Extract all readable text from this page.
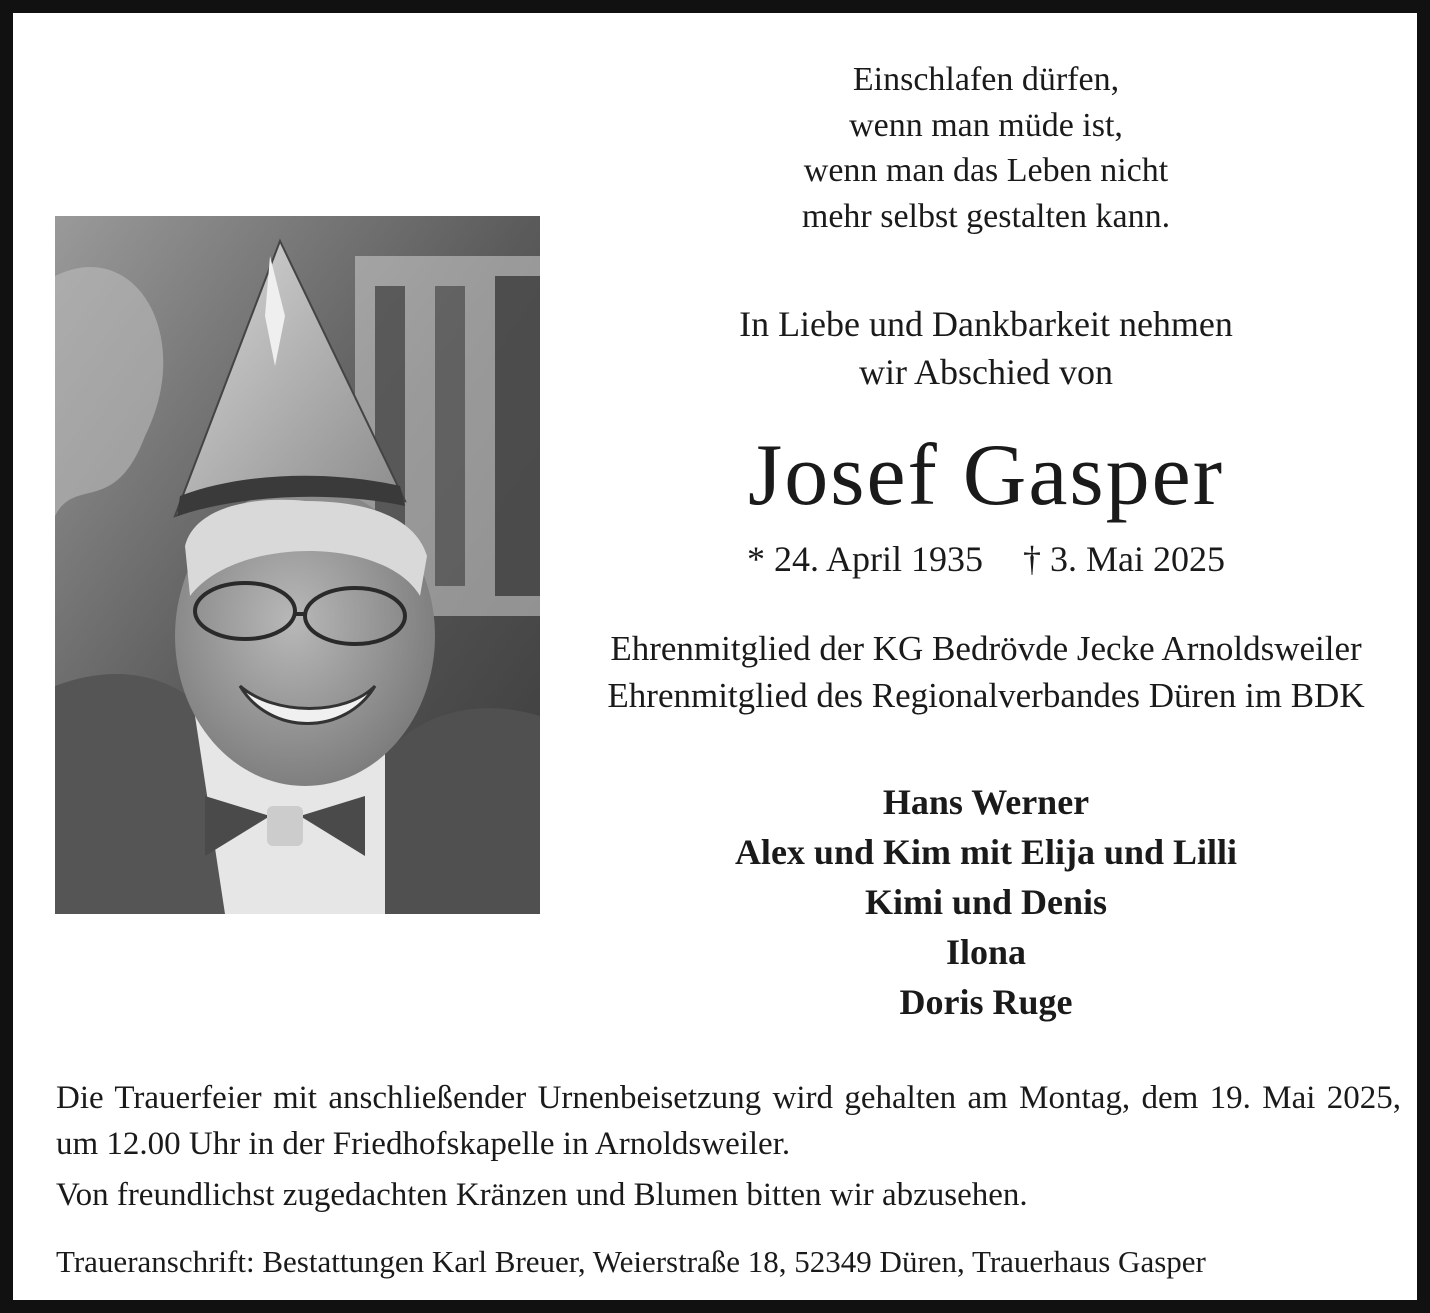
Einschlafen dürfen,
wenn man müde ist,
wenn man das Leben nicht
mehr selbst gestalten kann.
In Liebe und Dankbarkeit nehmen
wir Abschied von
Josef Gasper
* 24. April 1935 † 3. Mai 2025
Ehrenmitglied der KG Bedrövde Jecke Arnoldsweiler
Ehrenmitglied des Regionalverbandes Düren im BDK
Hans Werner
Alex und Kim mit Elija und Lilli
Kimi und Denis
Ilona
Doris Ruge
Die Trauerfeier mit anschließender Urnenbeisetzung wird gehalten am Montag, dem 19. Mai 2025, um 12.00 Uhr in der Friedhofskapelle in Arnoldsweiler.
Von freundlichst zugedachten Kränzen und Blumen bitten wir abzusehen.
Traueranschrift: Bestattungen Karl Breuer, Weierstraße 18, 52349 Düren, Trauerhaus Gasper
